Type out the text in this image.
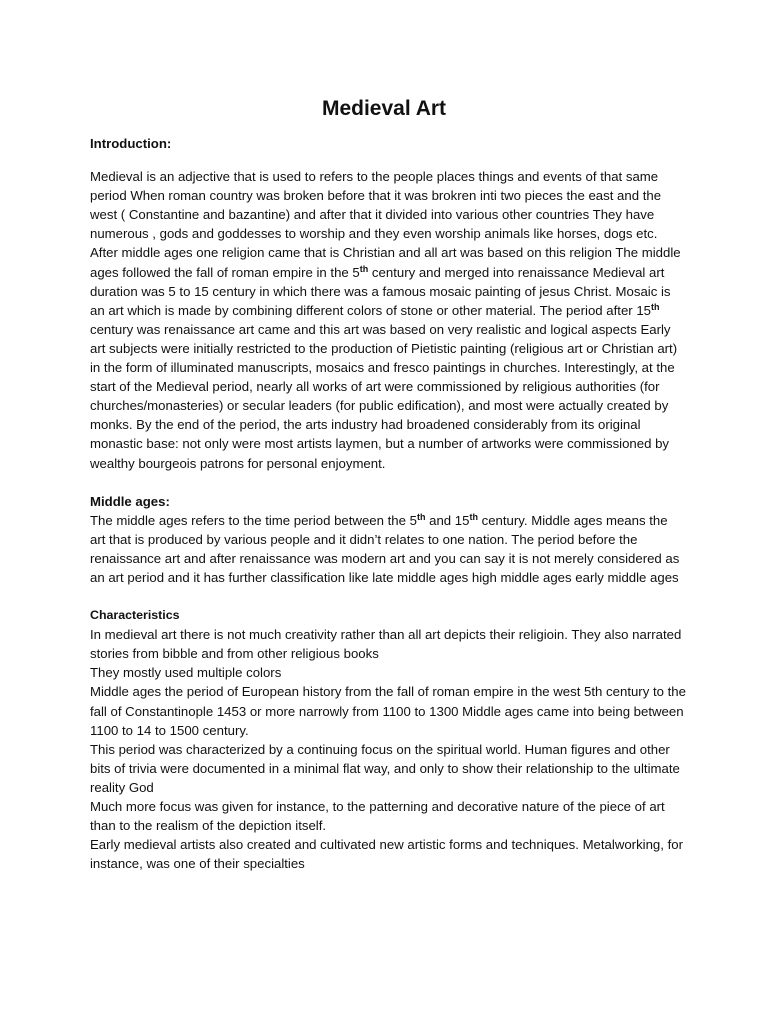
Medieval Art

Introduction:

Medieval is an adjective that is used to refers to the people places things and events of that same period When roman country was broken before that it was brokren inti two pieces the east and the west ( Constantine and bazantine) and after that it divided into various other countries They have numerous , gods and goddesses to worship and they even worship animals like horses, dogs etc. After middle ages one religion came that is Christian and all art was based on this religion The middle ages followed the fall of roman empire in the 5th century and merged into renaissance Medieval art duration was 5 to 15 century in which there was a famous mosaic painting of jesus Christ. Mosaic is an art which is made by combining different colors of stone or other material. The period after 15th century was renaissance art came and this art was based on very realistic and logical aspects Early art subjects were initially restricted to the production of Pietistic painting (religious art or Christian art) in the form of illuminated manuscripts, mosaics and fresco paintings in churches. Interestingly, at the start of the Medieval period, nearly all works of art were commissioned by religious authorities (for churches/monasteries) or secular leaders (for public edification), and most were actually created by monks. By the end of the period, the arts industry had broadened considerably from its original monastic base: not only were most artists laymen, but a number of artworks were commissioned by wealthy bourgeois patrons for personal enjoyment.

Middle ages:

The middle ages refers to the time period between the 5th and 15th century. Middle ages means the art that is produced by various people and it didn’t relates to one nation. The period before the renaissance art and after renaissance was modern art and you can say it is not merely considered as an art period and it has further classification like late middle ages high middle ages early middle ages

Characteristics

In medieval art there is not much creativity rather than all art depicts their religioin. They also narrated stories from bibble and from other religious books

They mostly used multiple colors

Middle ages the period of European history from the fall of roman empire in the west 5th century to the fall of Constantinople 1453 or more narrowly from 1100 to 1300 Middle ages came into being between 1100 to 14 to 1500 century.

This period was characterized by a continuing focus on the spiritual world. Human figures and other bits of trivia were documented in a minimal flat way, and only to show their relationship to the ultimate reality God

Much more focus was given for instance, to the patterning and decorative nature of the piece of art than to the realism of the depiction itself.

Early medieval artists also created and cultivated new artistic forms and techniques. Metalworking, for instance, was one of their specialties
